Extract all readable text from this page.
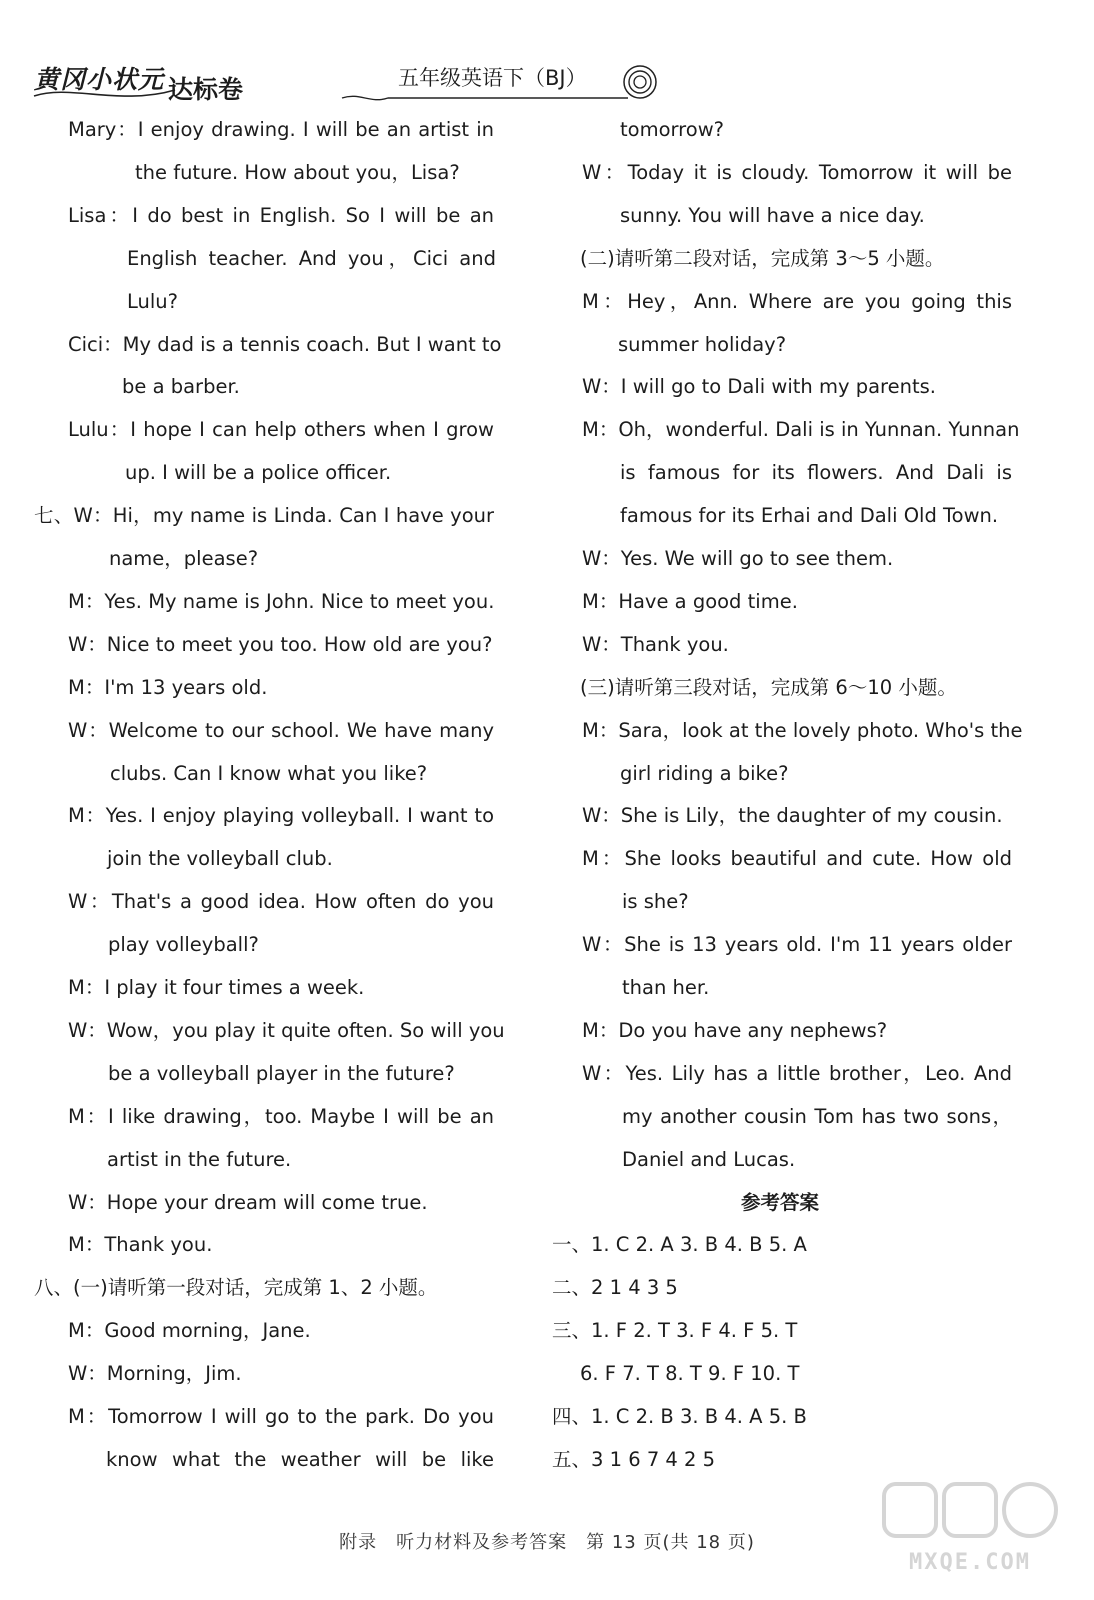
黄冈小状元 达标卷	五年级英语下（BJ）
Mary：I enjoy drawing. I will be an artist in
the future. How about you，Lisa?
Lisa：I do best in English. So I will be an
English teacher. And you，Cici and
Lulu?
Cici：My dad is a tennis coach. But I want to
be a barber.
Lulu：I hope I can help others when I grow
up. I will be a police officer.
七、W：Hi，my name is Linda. Can I have your
name，please?
M：Yes. My name is John. Nice to meet you.
W：Nice to meet you too. How old are you?
M：I'm 13 years old.
W：Welcome to our school. We have many
clubs. Can I know what you like?
M：Yes. I enjoy playing volleyball. I want to
join the volleyball club.
W：That's a good idea. How often do you
play volleyball?
M：I play it four times a week.
W：Wow，you play it quite often. So will you
be a volleyball player in the future?
M：I like drawing，too. Maybe I will be an
artist in the future.
W：Hope your dream will come true.
M：Thank you.
八、(一)请听第一段对话，完成第 1、2 小题。
M：Good morning，Jane.
W：Morning，Jim.
M：Tomorrow I will go to the park. Do you
know what the weather will be like
tomorrow?
W：Today it is cloudy. Tomorrow it will be
sunny. You will have a nice day.
(二)请听第二段对话，完成第 3～5 小题。
M：Hey，Ann. Where are you going this
summer holiday?
W：I will go to Dali with my parents.
M：Oh，wonderful. Dali is in Yunnan. Yunnan
is famous for its flowers. And Dali is
famous for its Erhai and Dali Old Town.
W：Yes. We will go to see them.
M：Have a good time.
W：Thank you.
(三)请听第三段对话，完成第 6～10 小题。
M：Sara，look at the lovely photo. Who's the
girl riding a bike?
W：She is Lily，the daughter of my cousin.
M：She looks beautiful and cute. How old
is she?
W：She is 13 years old. I'm 11 years older
than her.
M：Do you have any nephews?
W：Yes. Lily has a little brother，Leo. And
my another cousin Tom has two sons，
Daniel and Lucas.
参考答案
一、1. C 2. A 3. B 4. B 5. A
二、2 1 4 3 5
三、1. F 2. T 3. F 4. F 5. T
6. F 7. T 8. T 9. F 10. T
四、1. C 2. B 3. B 4. A 5. B
五、3 1 6 7 4 2 5
附录　听力材料及参考答案　第 13 页(共 18 页)
MXQE.COM
